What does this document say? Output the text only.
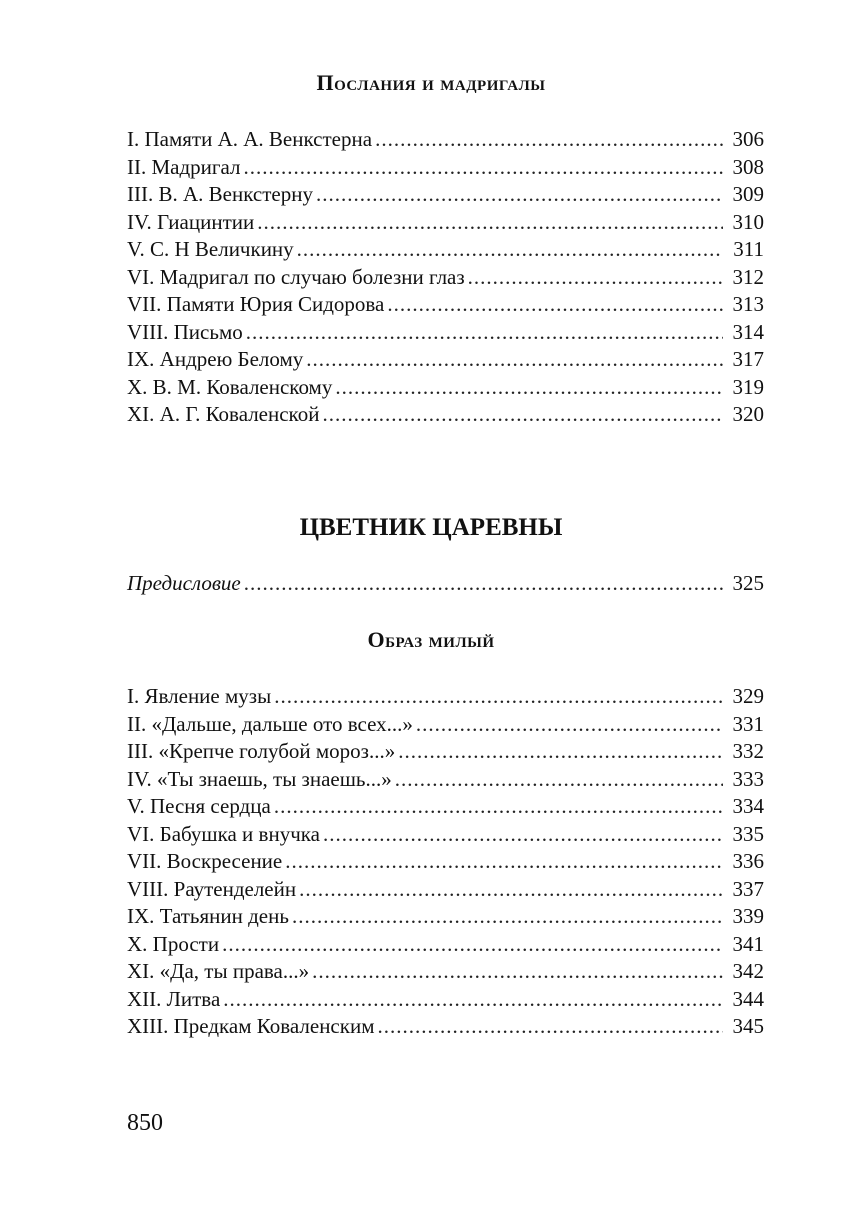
Послания и мадригалы
I. Памяти А. А. Венкстерна .....	306
II. Мадригал .....	308
III. В. А. Венкстерну .....	309
IV. Гиацинтии .....	310
V. С. Н Величкину .....	311
VI. Мадригал по случаю болезни глаз .....	312
VII. Памяти Юрия Сидорова .....	313
VIII. Письмо .....	314
IX. Андрею Белому .....	317
X. В. М. Коваленскому .....	319
XI. А. Г. Коваленской .....	320
ЦВЕТНИК ЦАРЕВНЫ
Предисловие .....	325
Образ милый
I. Явление музы .....	329
II. «Дальше, дальше ото всех...» .....	331
III. «Крепче голубой мороз...» .....	332
IV. «Ты знаешь, ты знаешь...» .....	333
V. Песня сердца .....	334
VI. Бабушка и внучка .....	335
VII. Воскресение .....	336
VIII. Раутенделейн .....	337
IX. Татьянин день .....	339
X. Прости .....	341
XI. «Да, ты права...» .....	342
XII. Литва .....	344
XIII. Предкам Коваленским .....	345
850
